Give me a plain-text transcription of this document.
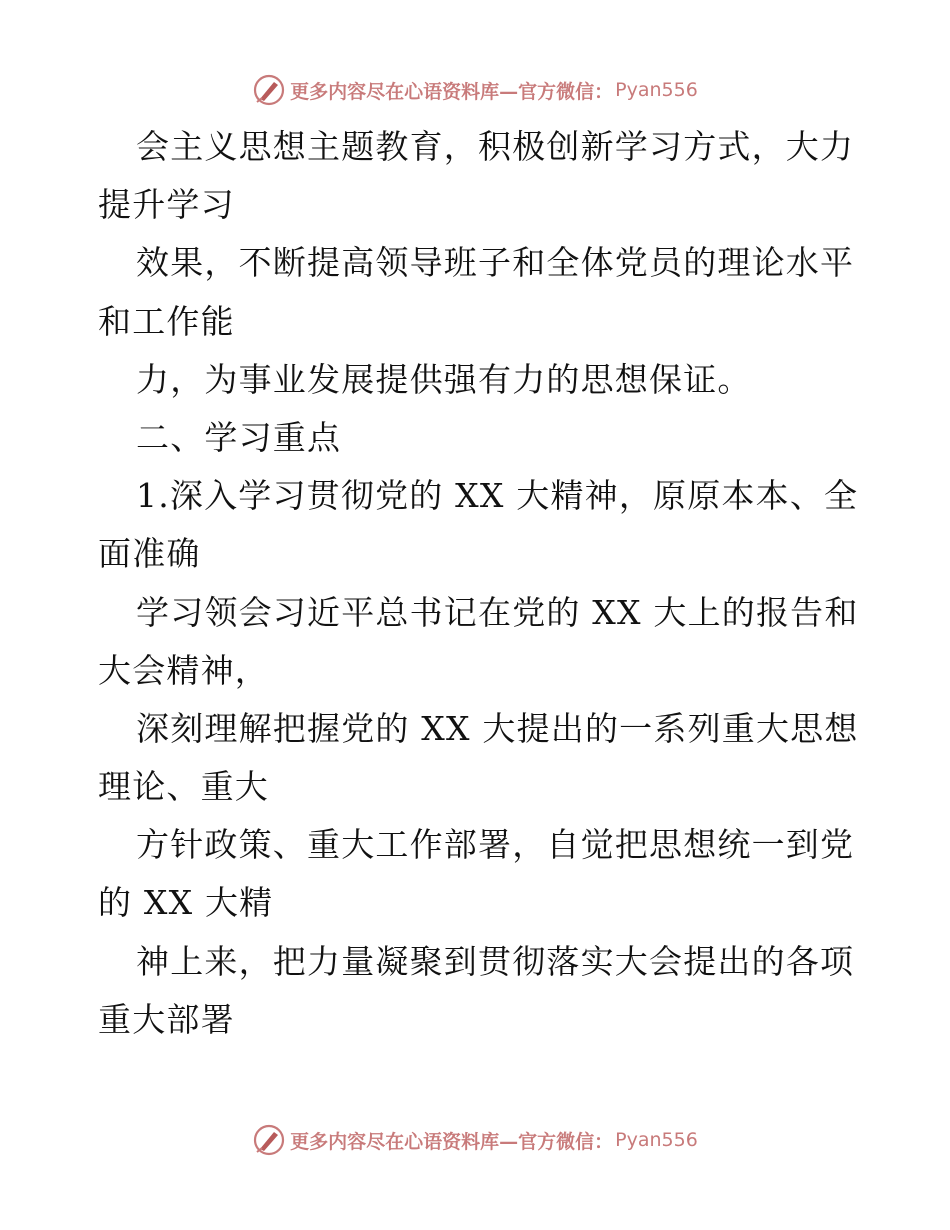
更多内容尽在心语资料库—官方微信： Pyan556
会主义思想主题教育，积极创新学习方式，大力
提升学习
效果，不断提高领导班子和全体党员的理论水平
和工作能
力，为事业发展提供强有力的思想保证。
二、学习重点
1.深入学习贯彻党的 XX 大精神，原原本本、全
面准确
学习领会习近平总书记在党的 XX 大上的报告和
大会精神，
深刻理解把握党的 XX 大提出的一系列重大思想
理论、重大
方针政策、重大工作部署，自觉把思想统一到党
的 XX 大精
神上来，把力量凝聚到贯彻落实大会提出的各项
重大部署
更多内容尽在心语资料库—官方微信： Pyan556
